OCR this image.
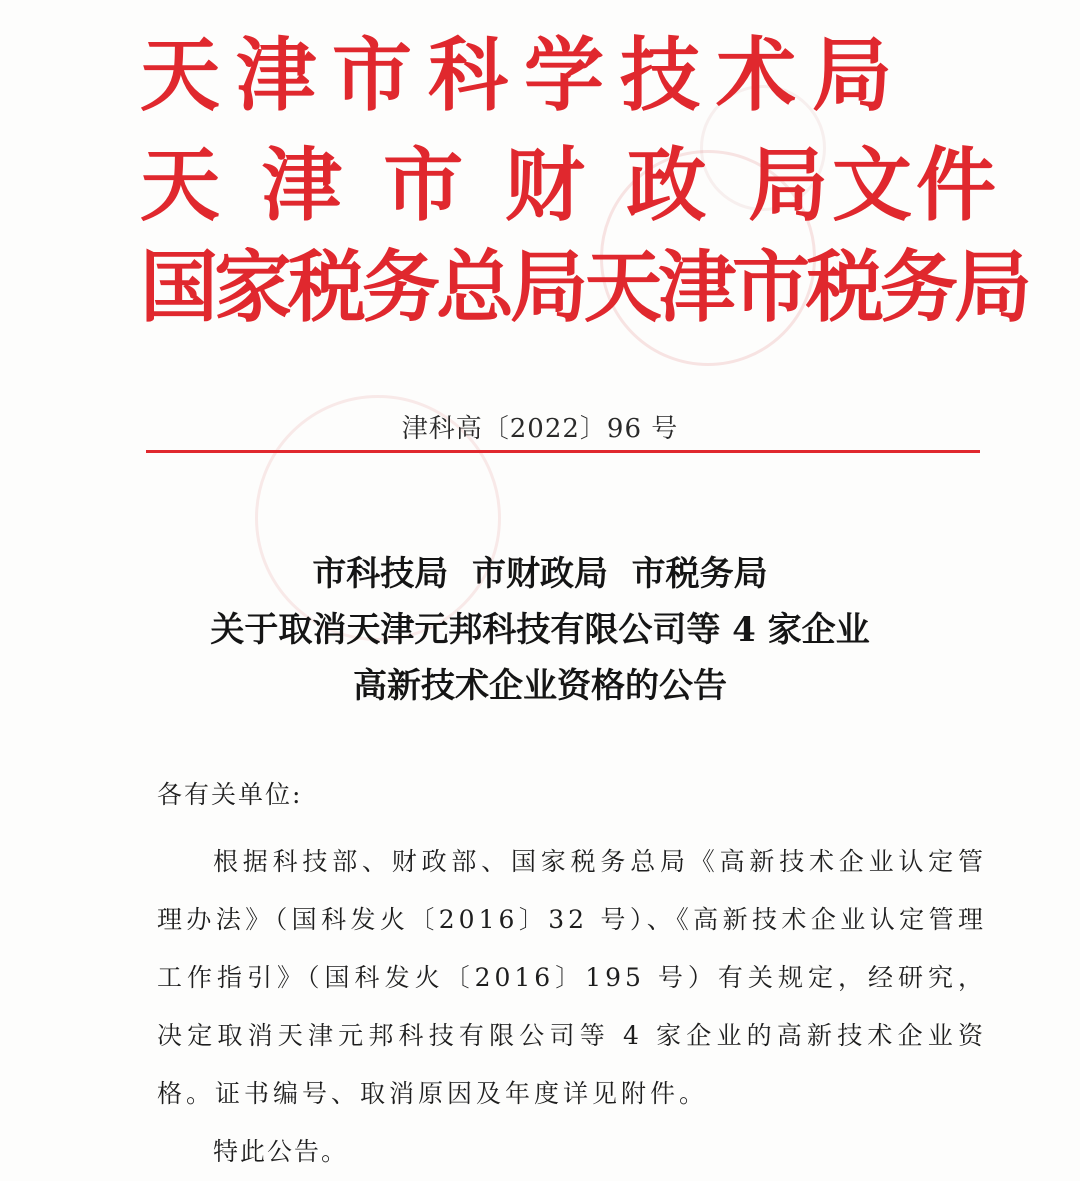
天津市科学技术局
天 津 市 财 政 局文件
国家税务总局天津市税务局
津科高〔2022〕96 号
市科技局  市财政局  市税务局
关于取消天津元邦科技有限公司等 4 家企业
高新技术企业资格的公告

各有关单位:

根据科技部、财政部、国家税务总局《高新技术企业认定管理办法》（国科发火〔2016〕32 号）、《高新技术企业认定管理工作指引》（国科发火〔2016〕195 号）有关规定，经研究，决定取消天津元邦科技有限公司等 4 家企业的高新技术企业资格。证书编号、取消原因及年度详见附件。

特此公告。
